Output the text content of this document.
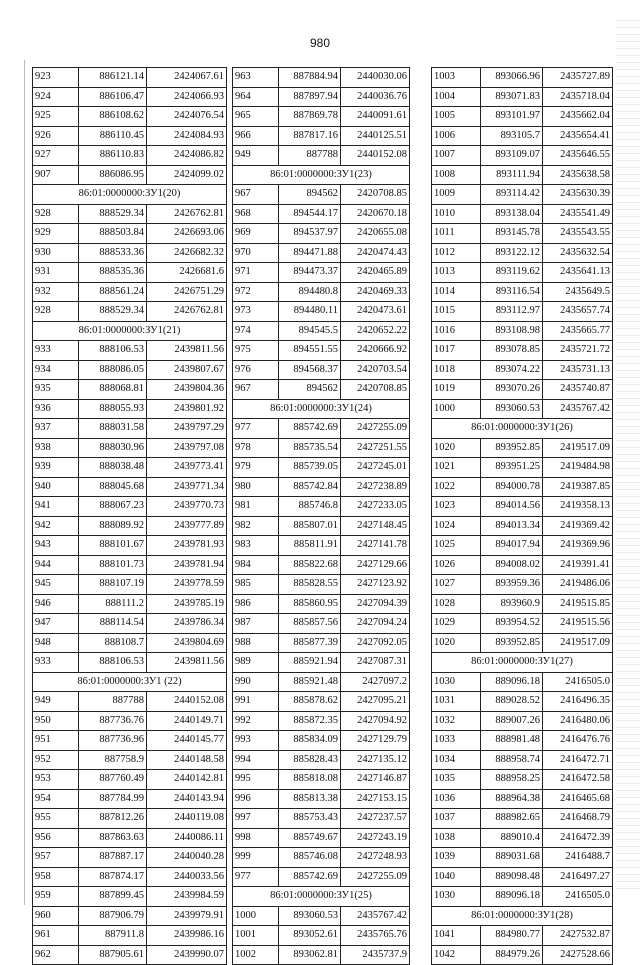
980
923	886121.14	2424067.61
924	886106.47	2424066.93
925	886108.62	2424076.54
926	886110.45	2424084.93
927	886110.83	2424086.82
907	886086.95	2424099.02
86:01:0000000:ЗУ1(20)		
928	888529.34	2426762.81
929	888503.84	2426693.06
930	888533.36	2426682.32
931	888535.36	2426681.6
932	888561.24	2426751.29
928	888529.34	2426762.81
86:01:0000000:ЗУ1(21)		
933	888106.53	2439811.56
934	888086.05	2439807.67
935	888068.81	2439804.36
936	888055.93	2439801.92
937	888031.58	2439797.29
938	888030.96	2439797.08
939	888038.48	2439773.41
940	888045.68	2439771.34
941	888067.23	2439770.73
942	888089.92	2439777.89
943	888101.67	2439781.93
944	888101.73	2439781.94
945	888107.19	2439778.59
946	888111.2	2439785.19
947	888114.54	2439786.34
948	888108.7	2439804.69
933	888106.53	2439811.56
86:01:0000000:ЗУ1 (22)		
949	887788	2440152.08
950	887736.76	2440149.71
951	887736.96	2440145.77
952	887758.9	2440148.58
953	887760.49	2440142.81
954	887784.99	2440143.94
955	887812.26	2440119.08
956	887863.63	2440086.11
957	887887.17	2440040.28
958	887874.17	2440033.56
959	887899.45	2439984.59
960	887906.79	2439979.91
961	887911.8	2439986.16
962	887905.61	2439990.07
963	887884.94	2440030.06
964	887897.94	2440036.76
965	887869.78	2440091.61
966	887817.16	2440125.51
949	887788	2440152.08
86:01:0000000:ЗУ1(23)		
967	894562	2420708.85
968	894544.17	2420670.18
969	894537.97	2420655.08
970	894471.88	2420474.43
971	894473.37	2420465.89
972	894480.8	2420469.33
973	894480.11	2420473.61
974	894545.5	2420652.22
975	894551.55	2420666.92
976	894568.37	2420703.54
967	894562	2420708.85
86:01:0000000:ЗУ1(24)		
977	885742.69	2427255.09
978	885735.54	2427251.55
979	885739.05	2427245.01
980	885742.84	2427238.89
981	885746.8	2427233.05
982	885807.01	2427148.45
983	885811.91	2427141.78
984	885822.68	2427129.66
985	885828.55	2427123.92
986	885860.95	2427094.39
987	885857.56	2427094.24
988	885877.39	2427092.05
989	885921.94	2427087.31
990	885921.48	2427097.2
991	885878.62	2427095.21
992	885872.35	2427094.92
993	885834.09	2427129.79
994	885828.43	2427135.12
995	885818.08	2427146.87
996	885813.38	2427153.15
997	885753.43	2427237.57
998	885749.67	2427243.19
999	885746.08	2427248.93
977	885742.69	2427255.09
86:01:0000000:ЗУ1(25)		
1000	893060.53	2435767.42
1001	893052.61	2435765.76
1002	893062.81	2435737.9
1003	893066.96	2435727.89
1004	893071.83	2435718.04
1005	893101.97	2435662.04
1006	893105.7	2435654.41
1007	893109.07	2435646.55
1008	893111.94	2435638.58
1009	893114.42	2435630.39
1010	893138.04	2435541.49
1011	893145.78	2435543.55
1012	893122.12	2435632.54
1013	893119.62	2435641.13
1014	893116.54	2435649.5
1015	893112.97	2435657.74
1016	893108.98	2435665.77
1017	893078.85	2435721.72
1018	893074.22	2435731.13
1019	893070.26	2435740.87
1000	893060.53	2435767.42
86:01:0000000:ЗУ1(26)		
1020	893952.85	2419517.09
1021	893951.25	2419484.98
1022	894000.78	2419387.85
1023	894014.56	2419358.13
1024	894013.34	2419369.42
1025	894017.94	2419369.96
1026	894008.02	2419391.41
1027	893959.36	2419486.06
1028	893960.9	2419515.85
1029	893954.52	2419515.56
1020	893952.85	2419517.09
86:01:0000000:ЗУ1(27)		
1030	889096.18	2416505.0
1031	889028.52	2416496.35
1032	889007.26	2416480.06
1033	888981.48	2416476.76
1034	888958.74	2416472.71
1035	888958.25	2416472.58
1036	888964.38	2416465.68
1037	888982.65	2416468.79
1038	889010.4	2416472.39
1039	889031.68	2416488.7
1040	889098.48	2416497.27
1030	889096.18	2416505.0
86:01:0000000:ЗУ1(28)		
1041	884980.77	2427532.87
1042	884979.26	2427528.66
